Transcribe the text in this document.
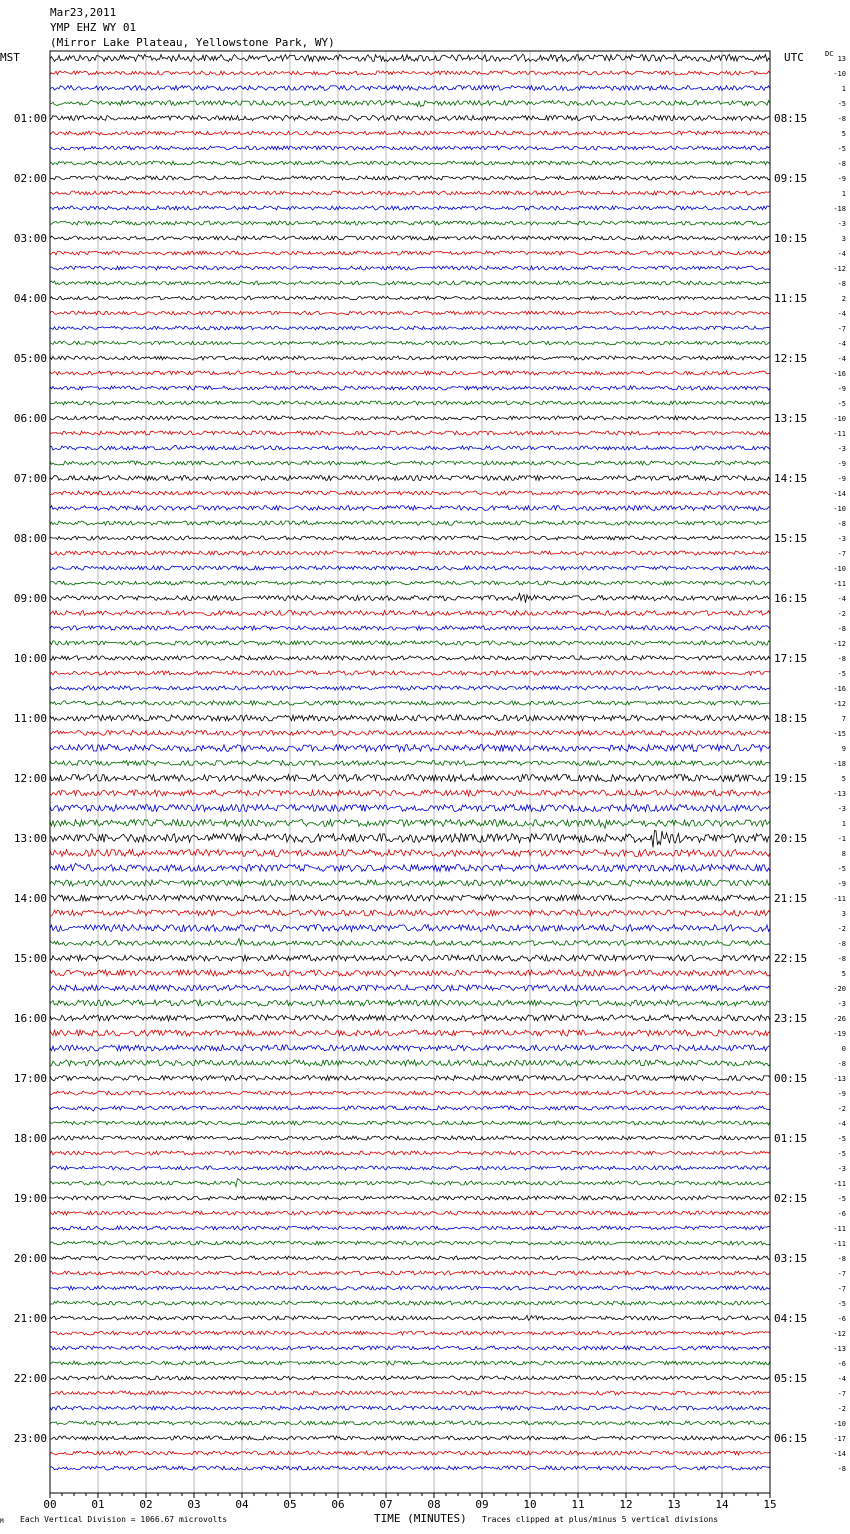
00	01	02	03	04	05	06	07	08	09	10	11	12	13	14	15
01:00
02:00
03:00
04:00
05:00
06:00
07:00
08:00
09:00
10:00
11:00
12:00
13:00
14:00
15:00
16:00
17:00
18:00
19:00
20:00
21:00
22:00
23:00
08:15
09:15
10:15
11:15
12:15
13:15
14:15
15:15
16:15
17:15
18:15
19:15
20:15
21:15
22:15
23:15
00:15
01:15
02:15
03:15
04:15
05:15
06:15
13
-10
1
-5
-8
5
-5
-8
-9
1
-18
-3
3
-4
-12
-8
2
-4
-7
-4
-4
-16
-9
-5
-10
-11
-3
-9
-9
-14
-10
-8
-3
-7
-10
-11
-4
-2
-8
-12
-8
-5
-16
-12
7
-15
9
-18
5
-13
-3
1
-1
8
-5
-9
-11
3
-2
-8
-8
5
-20
-3
-26
-19
0
-8
-13
-9
-2
-4
-5
-5
-3
-11
-5
-6
-11
-11
-8
-7
-7
-5
-6
-12
-13
-6
-4
-7
-2
-10
-17
-14
-8
Mar23,2011
YMP EHZ WY 01
(Mirror Lake Plateau, Yellowstone Park, WY)
MST	UTC	DC
M Each Vertical Division = 1066.67 microvolts	TIME (MINUTES) Traces clipped at plus/minus 5 vertical divisions
